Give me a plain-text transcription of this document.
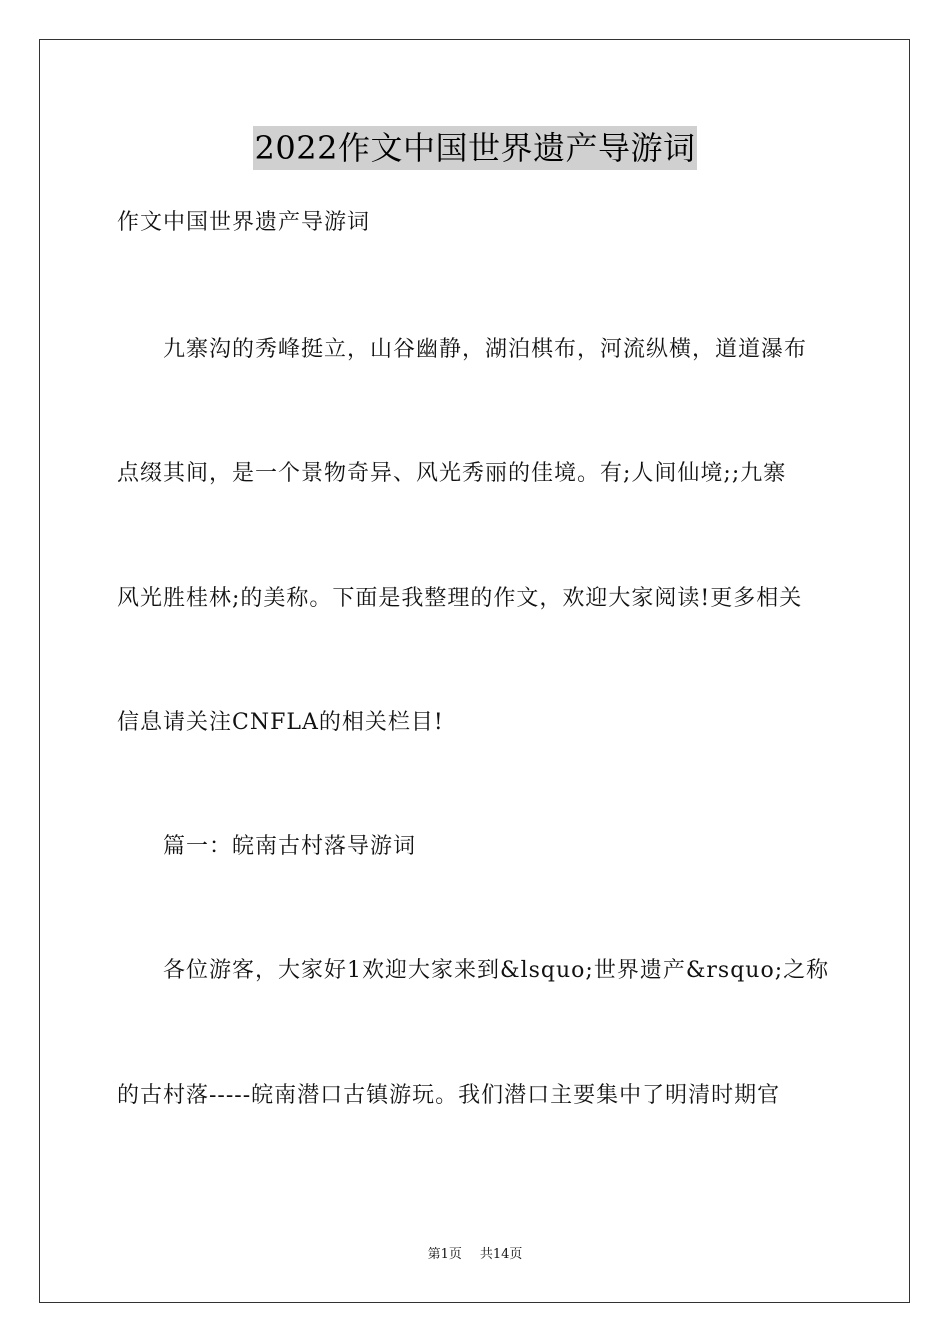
2022作文中国世界遗产导游词
作文中国世界遗产导游词
九寨沟的秀峰挺立，山谷幽静，湖泊棋布，河流纵横，道道瀑布
点缀其间，是一个景物奇异、风光秀丽的佳境。有;人间仙境;;九寨
风光胜桂林;的美称。下面是我整理的作文，欢迎大家阅读!更多相关
信息请关注CNFLA的相关栏目!
篇一：皖南古村落导游词
各位游客，大家好1欢迎大家来到&lsquo;世界遗产&rsquo;之称
的古村落-----皖南潜口古镇游玩。我们潜口主要集中了明清时期官
第1页 共14页
